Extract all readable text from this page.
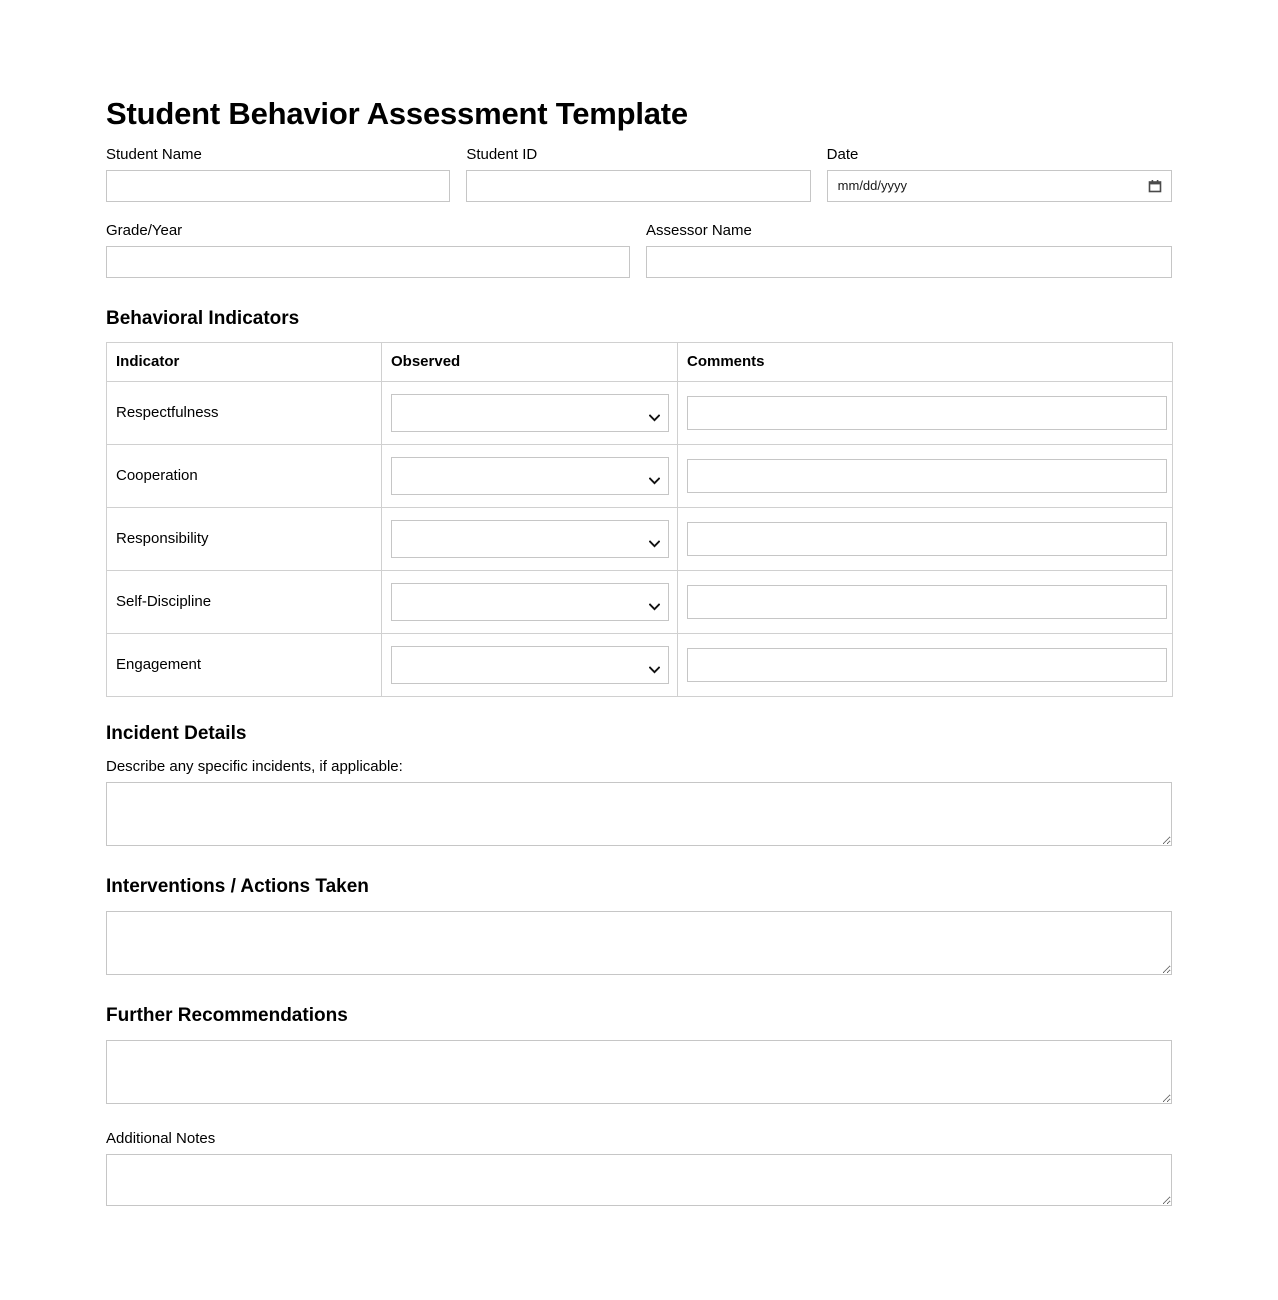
Student Behavior Assessment Template
Student Name	Student ID	Date
mm/dd/yyyy
Grade/Year	Assessor Name
Behavioral Indicators
Indicator	Observed	Comments
Respectfulness	

Cooperation	

Responsibility	

Self-Discipline	

Engagement	

Incident Details
Describe any specific incidents, if applicable:
Interventions / Actions Taken
Further Recommendations
Additional Notes
